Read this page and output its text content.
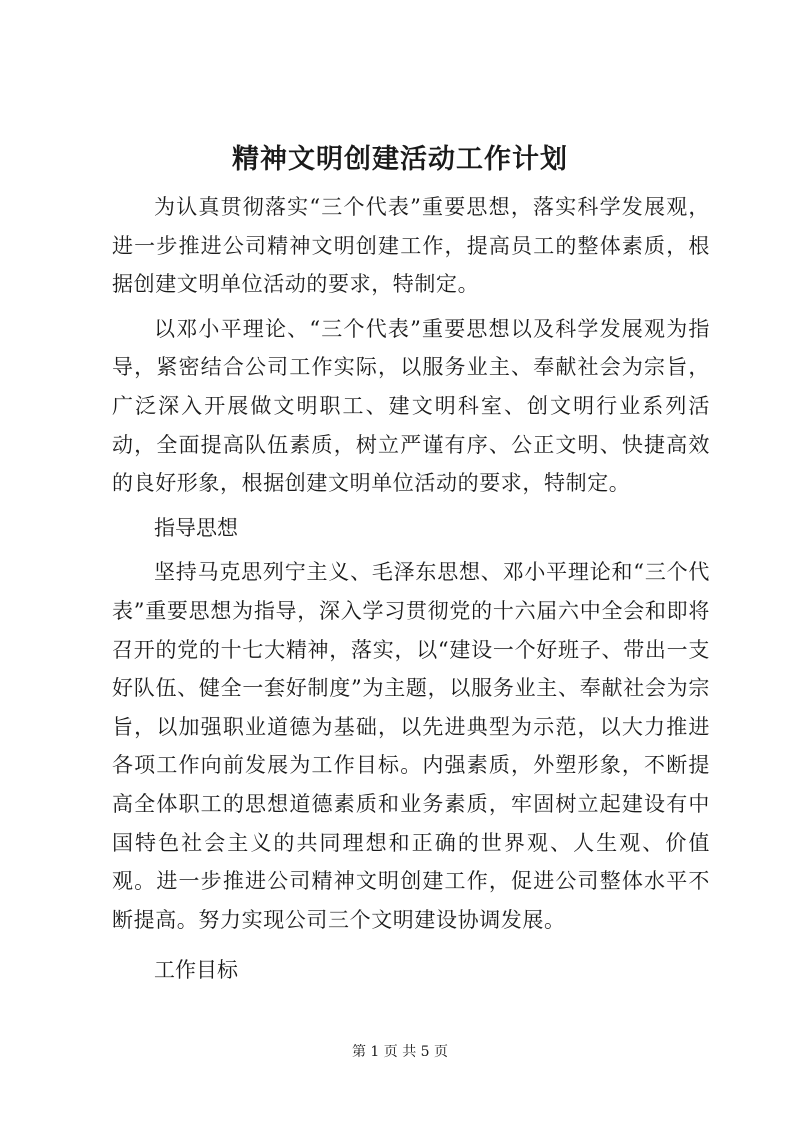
精神文明创建活动工作计划

为认真贯彻落实“三个代表”重要思想，落实科学发展观，进一步推进公司精神文明创建工作，提高员工的整体素质，根据创建文明单位活动的要求，特制定。

以邓小平理论、“三个代表”重要思想以及科学发展观为指导，紧密结合公司工作实际，以服务业主、奉献社会为宗旨，广泛深入开展做文明职工、建文明科室、创文明行业系列活动，全面提高队伍素质，树立严谨有序、公正文明、快捷高效的良好形象，根据创建文明单位活动的要求，特制定。

指导思想

坚持马克思列宁主义、毛泽东思想、邓小平理论和“三个代表”重要思想为指导，深入学习贯彻党的十六届六中全会和即将召开的党的十七大精神，落实，以“建设一个好班子、带出一支好队伍、健全一套好制度”为主题，以服务业主、奉献社会为宗旨，以加强职业道德为基础，以先进典型为示范，以大力推进各项工作向前发展为工作目标。内强素质，外塑形象，不断提高全体职工的思想道德素质和业务素质，牢固树立起建设有中国特色社会主义的共同理想和正确的世界观、人生观、价值观。进一步推进公司精神文明创建工作，促进公司整体水平不断提高。努力实现公司三个文明建设协调发展。

工作目标

第 1 页 共 5 页
